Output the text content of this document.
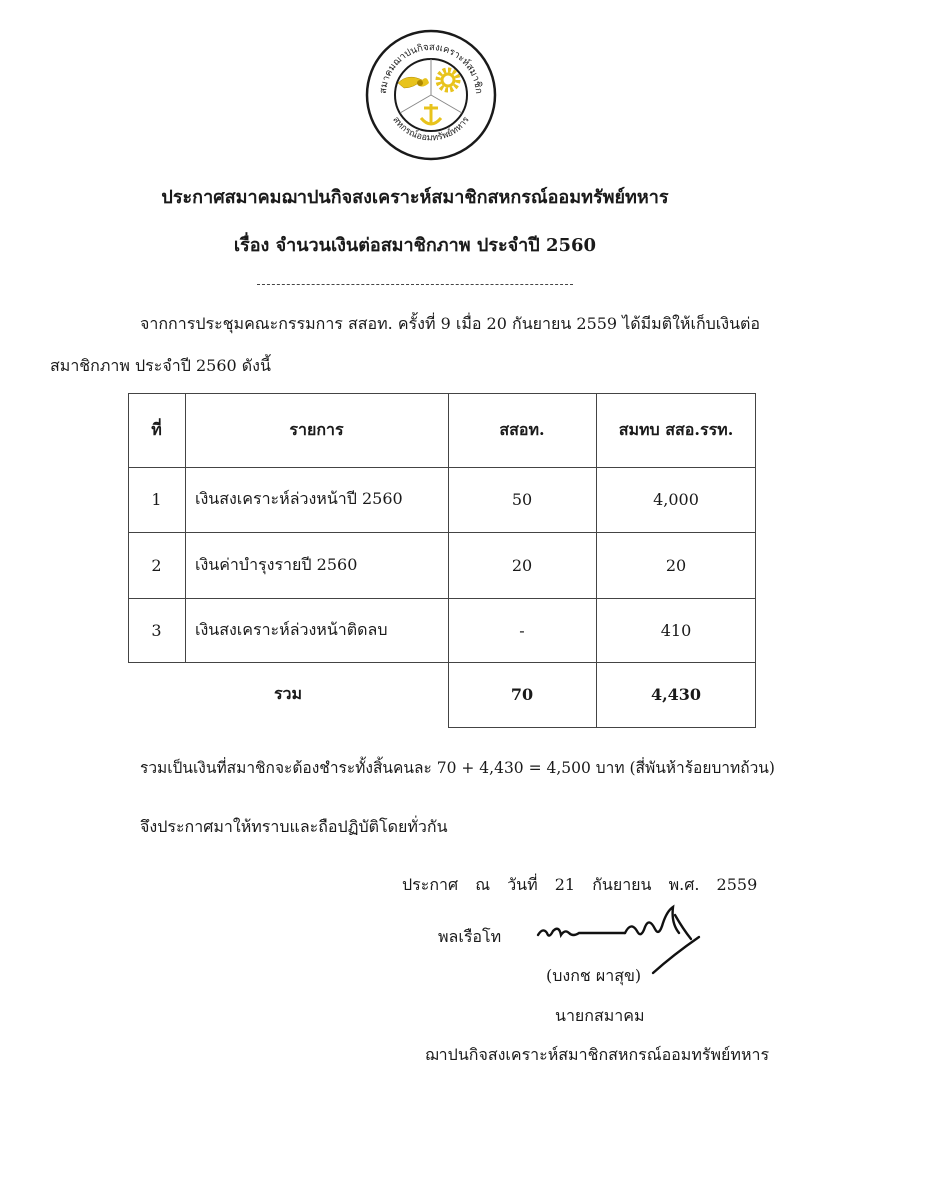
สมาคมฌาปนกิจสงเคราะห์สมาชิก
สหกรณ์ออมทรัพย์ทหาร
ประกาศสมาคมฌาปนกิจสงเคราะห์สมาชิกสหกรณ์ออมทรัพย์ทหาร
เรื่อง จำนวนเงินต่อสมาชิกภาพ ประจำปี 2560
จากการประชุมคณะกรรมการ สสอท. ครั้งที่ 9 เมื่อ 20 กันยายน 2559 ได้มีมติให้เก็บเงินต่อ
สมาชิกภาพ ประจำปี 2560 ดังนี้
ที่	รายการ	สสอท.	สมทบ สสอ.รรท.
1	เงินสงเคราะห์ล่วงหน้าปี 2560	50	4,000
2	เงินค่าบำรุงรายปี 2560	20	20
3	เงินสงเคราะห์ล่วงหน้าติดลบ	-	410
รวม	70	4,430
รวมเป็นเงินที่สมาชิกจะต้องชำระทั้งสิ้นคนละ 70 + 4,430 = 4,500 บาท (สี่พันห้าร้อยบาทถ้วน)
จึงประกาศมาให้ทราบและถือปฏิบัติโดยทั่วกัน
ประกาศ ณ วันที่ 21 กันยายน พ.ศ. 2559
พลเรือโท
(บงกช ผาสุข)
นายกสมาคม
ฌาปนกิจสงเคราะห์สมาชิกสหกรณ์ออมทรัพย์ทหาร
